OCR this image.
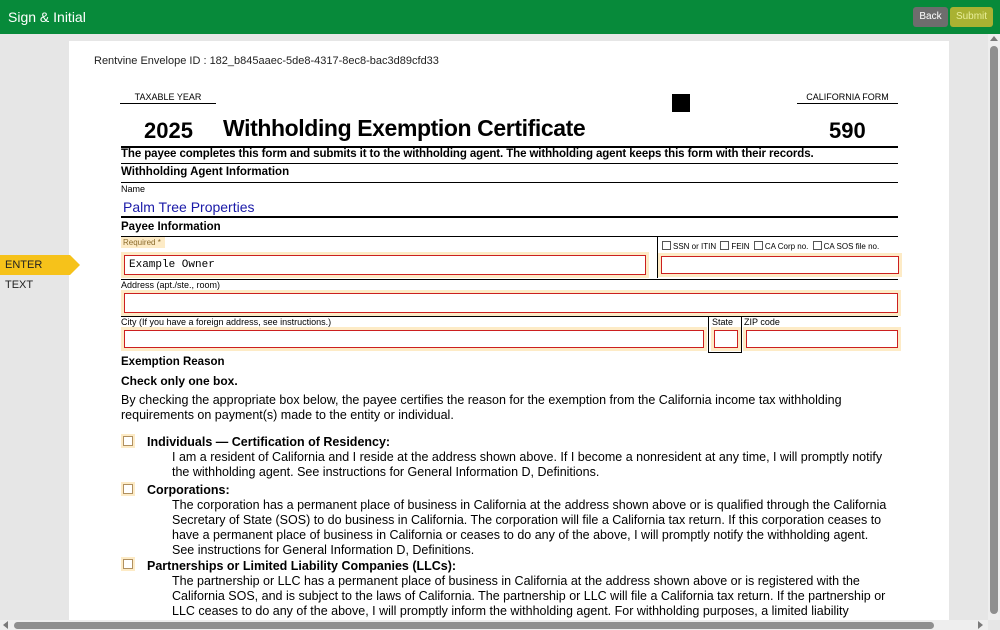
Sign & Initial	Back	Submit
Rentvine Envelope ID : 182_b845aaec-5de8-4317-8ec8-bac3d89cfd33
TAXABLE YEAR	CALIFORNIA FORM
2025 Withholding Exemption Certificate	590
The payee completes this form and submits it to the withholding agent. The withholding agent keeps this form with their records.
Withholding Agent Information
Name
Palm Tree Properties
Payee Information
Required *
Example Owner
SSN or ITIN FEIN CA Corp no. CA SOS file no.
Address (apt./ste., room)
City (If you have a foreign address, see instructions.)	State ZIP code
Exemption Reason
Check only one box.
By checking the appropriate box below, the payee certifies the reason for the exemption from the California income tax withholding requirements on payment(s) made to the entity or individual.
Individuals — Certification of Residency:
I am a resident of California and I reside at the address shown above. If I become a nonresident at any time, I will promptly notify the withholding agent. See instructions for General Information D, Definitions.
Corporations:
The corporation has a permanent place of business in California at the address shown above or is qualified through the California Secretary of State (SOS) to do business in California. The corporation will file a California tax return. If this corporation ceases to have a permanent place of business in California or ceases to do any of the above, I will promptly notify the withholding agent. See instructions for General Information D, Definitions.
Partnerships or Limited Liability Companies (LLCs):
The partnership or LLC has a permanent place of business in California at the address shown above or is registered with the California SOS, and is subject to the laws of California. The partnership or LLC will file a California tax return. If the partnership or LLC ceases to do any of the above, I will promptly inform the withholding agent. For withholding purposes, a limited liability
ENTER TEXT
